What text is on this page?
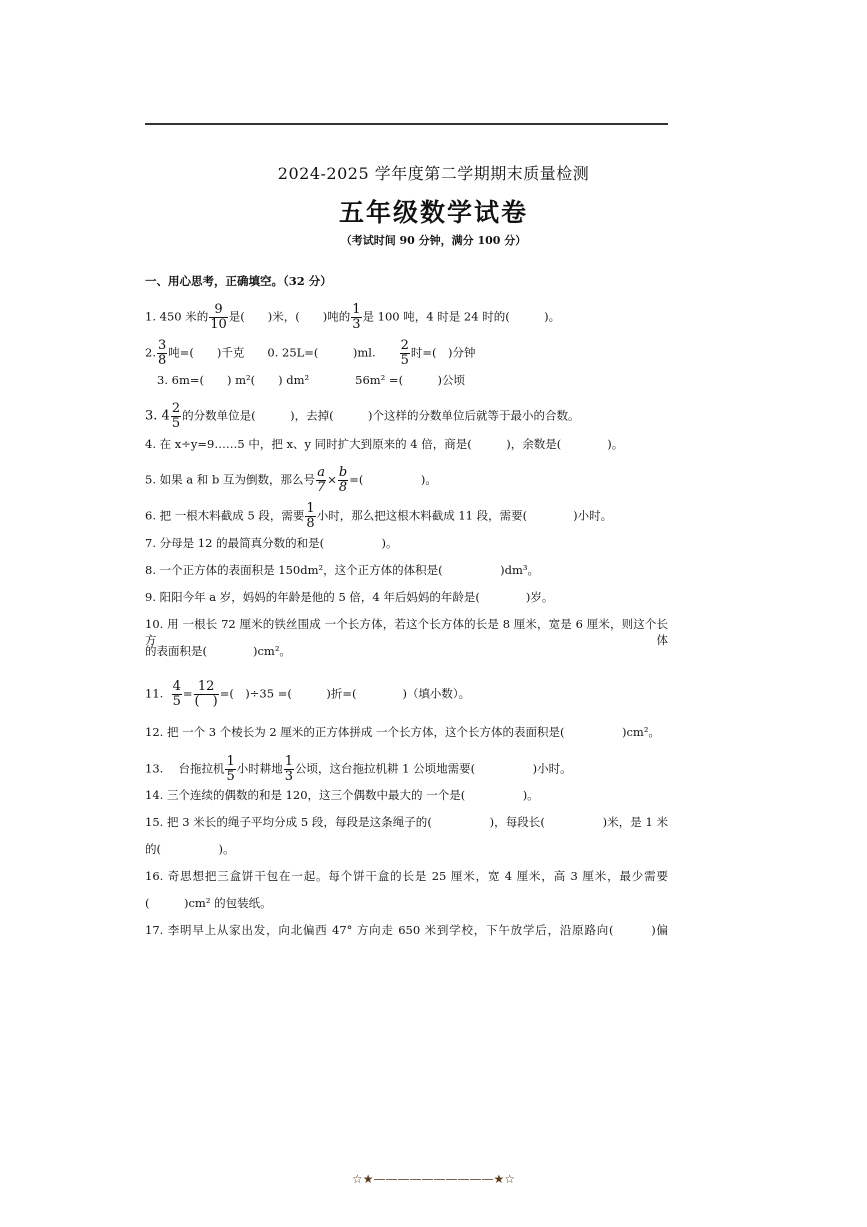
2024-2025 学年度第二学期期末质量检测
五年级数学试卷
（考试时间 90 分钟，满分 100 分）
一、用心思考，正确填空。（32 分）
1. 450 米的 $\frac{9}{10}$ 是(　　)米，(　　)吨的 $\frac{1}{3}$ 是 100 吨，4 时是 24 时的(　　　)。
2. $\frac{3}{8}$ 吨=(　　)千克　　0. 25L=(　　　)ml.　　 $\frac{2}{5}$ 时=(　)分钟
3. 6m=(　　) m²(　　) dm²　　　　56m² =(　　　)公顷
3. $4 \frac{2}{5}$ 的分数单位是(　　　)，去掉(　　　)个这样的分数单位后就等于最小的合数。
4. 在 x÷y=9……5 中，把 x、y 同时扩大到原来的 4 倍，商是(　　　)，余数是(　　　　)。
5. 如果 a 和 b 互为倒数，那么号 $\frac{a}{7} \times \frac{b}{8}$ =(　　　　　)。
6. 把 一根木料截成 5 段，需要 $\frac{1}{8}$ 小时，那么把这根木料截成 11 段，需要(　　　　)小时。
7. 分母是 12 的最简真分数的和是(　　　　　)。
8. 一个正方体的表面积是 150dm²，这个正方体的体积是(　　　　　)dm³。
9. 阳阳今年 a 岁，妈妈的年龄是他的 5 倍，4 年后妈妈的年龄是(　　　　)岁。
10. 用 一根长 72 厘米的铁丝围成 一个长方体，若这个长方体的长是 8 厘米，宽是 6 厘米，则这个长方体
的表面积是(　　　　)cm²。
11. $\frac{4}{5} = \frac{12}{( )}$ =(　)÷35 =(　　　)折=(　　　　)（填小数）。
12. 把 一个 3 个棱长为 2 厘米的正方体拼成 一个长方体，这个长方体的表面积是(　　　　　)cm²。
13.　 台拖拉机 $\frac{1}{5}$ 小时耕地 $\frac{1}{3}$ 公顷，这台拖拉机耕 1 公顷地需要(　　　　　)小时。
14. 三个连续的偶数的和是 120，这三个偶数中最大的 一个是(　　　　　)。
15. 把 3 米长的绳子平均分成 5 段，每段是这条绳子的(　　　　　)，每段长(　　　　　)米，是 1 米
的(　　　　　)。
16. 奇思想把三盒饼干包在一起。每个饼干盒的长是 25 厘米，宽 4 厘米，高 3 厘米，最少需要
(　　　)cm² 的包装纸。
17. 李明早上从家出发，向北偏西 47° 方向走 650 米到学校，下午放学后，沿原路向(　　　)偏
☆★——————————★☆
